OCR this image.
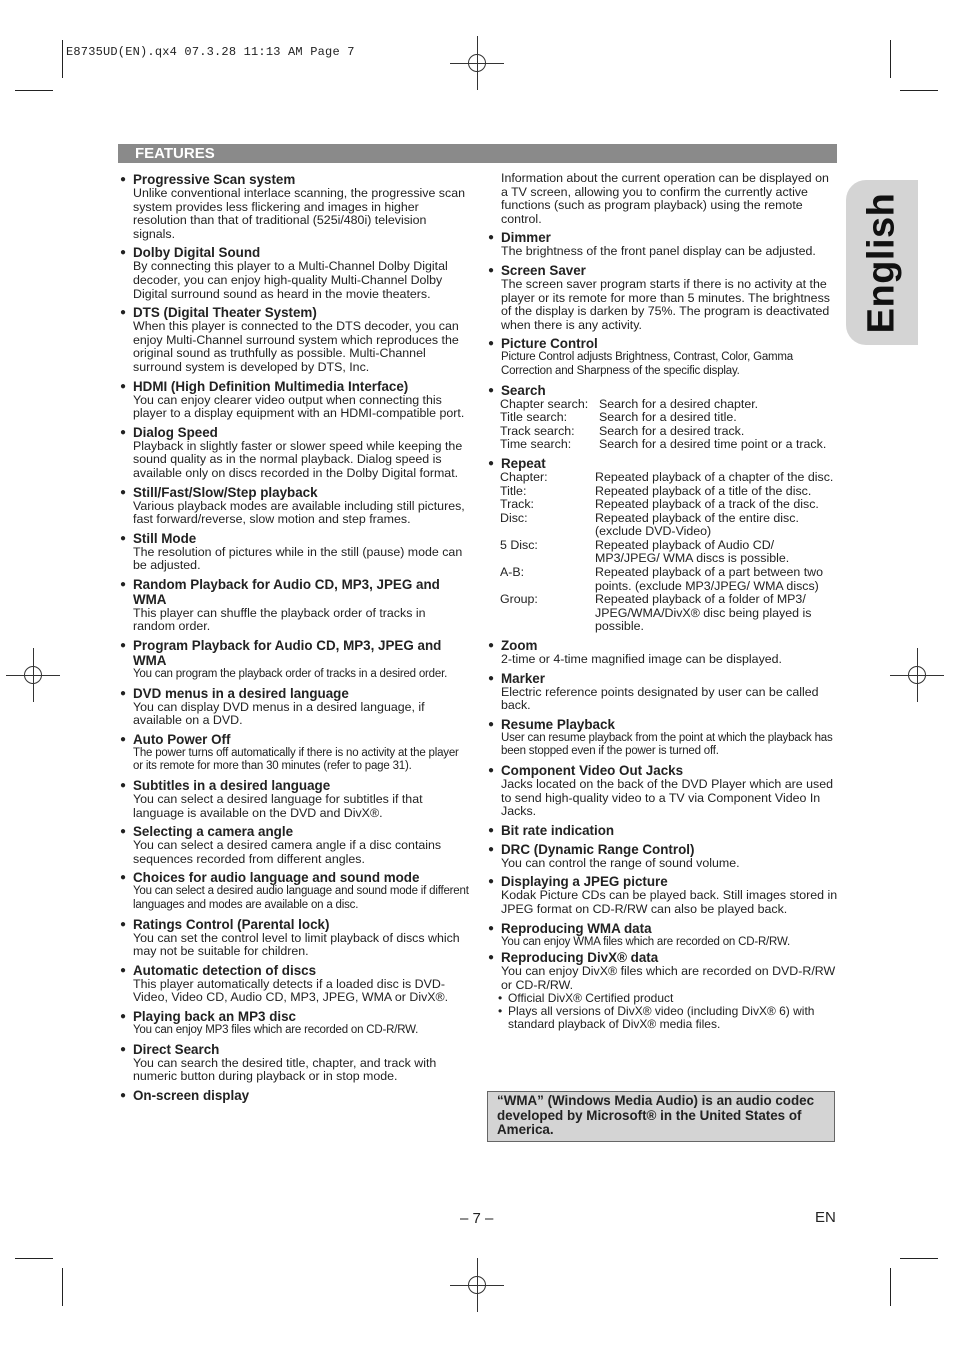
E8735UD(EN).qx4 07.3.28 11:13 AM Page 7
English
FEATURES
● Progressive Scan system
Unlike conventional interlace scanning, the progressive scan system provides less flickering and images in higher resolution than that of traditional (525i/480i) television signals.
● Dolby Digital Sound
By connecting this player to a Multi-Channel Dolby Digital decoder, you can enjoy high-quality Multi-Channel Dolby Digital surround sound as heard in the movie theaters.
● DTS (Digital Theater System)
When this player is connected to the DTS decoder, you can enjoy Multi-Channel surround system which reproduces the original sound as truthfully as possible. Multi-Channel surround system is developed by DTS, Inc.
● HDMI (High Definition Multimedia Interface)
You can enjoy clearer video output when connecting this player to a display equipment with an HDMI-compatible port.
● Dialog Speed
Playback in slightly faster or slower speed while keeping the sound quality as in the normal playback. Dialog speed is available only on discs recorded in the Dolby Digital format.
● Still/Fast/Slow/Step playback
Various playback modes are available including still pictures, fast forward/reverse, slow motion and step frames.
● Still Mode
The resolution of pictures while in the still (pause) mode can be adjusted.
● Random Playback for Audio CD, MP3, JPEG and WMA
This player can shuffle the playback order of tracks in random order.
● Program Playback for Audio CD, MP3, JPEG and WMA
You can program the playback order of tracks in a desired order.
● DVD menus in a desired language
You can display DVD menus in a desired language, if available on a DVD.
● Auto Power Off
The power turns off automatically if there is no activity at the player or its remote for more than 30 minutes (refer to page 31).
● Subtitles in a desired language
You can select a desired language for subtitles if that language is available on the DVD and DivX®.
● Selecting a camera angle
You can select a desired camera angle if a disc contains sequences recorded from different angles.
● Choices for audio language and sound mode
You can select a desired audio language and sound mode if different languages and modes are available on a disc.
● Ratings Control (Parental lock)
You can set the control level to limit playback of discs which may not be suitable for children.
● Automatic detection of discs
This player automatically detects if a loaded disc is DVD-Video, Video CD, Audio CD, MP3, JPEG, WMA or DivX®.
● Playing back an MP3 disc
You can enjoy MP3 files which are recorded on CD-R/RW.
● Direct Search
You can search the desired title, chapter, and track with numeric button during playback or in stop mode.
● On-screen display
Information about the current operation can be displayed on a TV screen, allowing you to confirm the currently active functions (such as program playback) using the remote control.
● Dimmer
The brightness of the front panel display can be adjusted.
● Screen Saver
The screen saver program starts if there is no activity at the player or its remote for more than 5 minutes. The brightness of the display is darken by 75%. The program is deactivated when there is any activity.
● Picture Control
Picture Control adjusts Brightness, Contrast, Color, Gamma Correction and Sharpness of the specific display.
● Search
Chapter search:	Search for a desired chapter.
Title search:	Search for a desired title.
Track search:	Search for a desired track.
Time search:	Search for a desired time point or a track.
● Repeat
Chapter:	Repeated playback of a chapter of the disc.
Title:	Repeated playback of a title of the disc.
Track:	Repeated playback of a track of the disc.
Disc:	Repeated playback of the entire disc. (exclude DVD-Video)
5 Disc:	Repeated playback of Audio CD/ MP3/JPEG/ WMA discs is possible.
A-B:	Repeated playback of a part between two points. (exclude MP3/JPEG/ WMA discs)
Group:	Repeated playback of a folder of MP3/ JPEG/WMA/DivX® disc being played is possible.
● Zoom
2-time or 4-time magnified image can be displayed.
● Marker
Electric reference points designated by user can be called back.
● Resume Playback
User can resume playback from the point at which the playback has been stopped even if the power is turned off.
● Component Video Out Jacks
Jacks located on the back of the DVD Player which are used to send high-quality video to a TV via Component Video In Jacks.
● Bit rate indication
● DRC (Dynamic Range Control)
You can control the range of sound volume.
● Displaying a JPEG picture
Kodak Picture CDs can be played back. Still images stored in JPEG format on CD-R/RW can also be played back.
● Reproducing WMA data
You can enjoy WMA files which are recorded on CD-R/RW.
● Reproducing DivX® data
You can enjoy DivX® files which are recorded on DVD-R/RW or CD-R/RW.
• Official DivX® Certified product
• Plays all versions of DivX® video (including DivX® 6) with standard playback of DivX® media files.
“WMA” (Windows Media Audio) is an audio codec developed by Microsoft® in the United States of America.
– 7 –	EN
